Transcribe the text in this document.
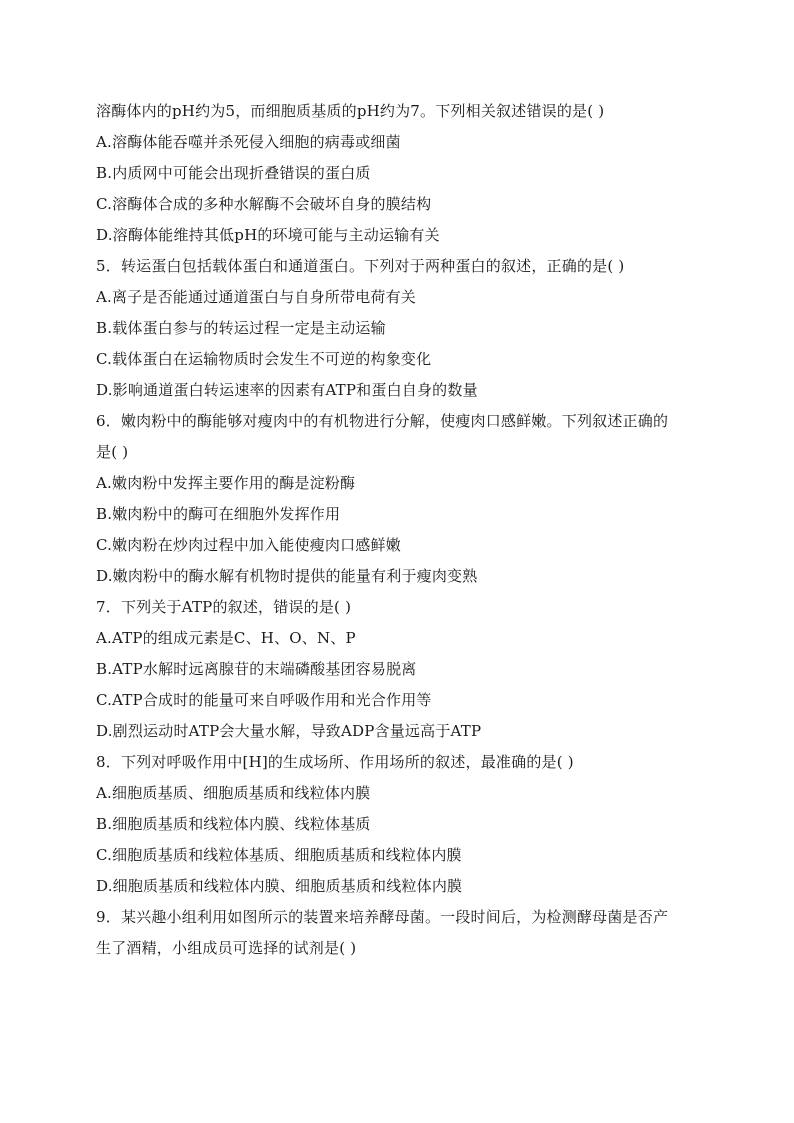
溶酶体内的pH约为5，而细胞质基质的pH约为7。下列相关叙述错误的是( )
A.溶酶体能吞噬并杀死侵入细胞的病毒或细菌
B.内质网中可能会出现折叠错误的蛋白质
C.溶酶体合成的多种水解酶不会破坏自身的膜结构
D.溶酶体能维持其低pH的环境可能与主动运输有关
5．转运蛋白包括载体蛋白和通道蛋白。下列对于两种蛋白的叙述，正确的是( )
A.离子是否能通过通道蛋白与自身所带电荷有关
B.载体蛋白参与的转运过程一定是主动运输
C.载体蛋白在运输物质时会发生不可逆的构象变化
D.影响通道蛋白转运速率的因素有ATP和蛋白自身的数量
6．嫩肉粉中的酶能够对瘦肉中的有机物进行分解，使瘦肉口感鲜嫩。下列叙述正确的
是( )
A.嫩肉粉中发挥主要作用的酶是淀粉酶
B.嫩肉粉中的酶可在细胞外发挥作用
C.嫩肉粉在炒肉过程中加入能使瘦肉口感鲜嫩
D.嫩肉粉中的酶水解有机物时提供的能量有利于瘦肉变熟
7．下列关于ATP的叙述，错误的是( )
A.ATP的组成元素是C、H、O、N、P
B.ATP水解时远离腺苷的末端磷酸基团容易脱离
C.ATP合成时的能量可来自呼吸作用和光合作用等
D.剧烈运动时ATP会大量水解，导致ADP含量远高于ATP
8．下列对呼吸作用中[H]的生成场所、作用场所的叙述，最准确的是( )
A.细胞质基质、细胞质基质和线粒体内膜
B.细胞质基质和线粒体内膜、线粒体基质
C.细胞质基质和线粒体基质、细胞质基质和线粒体内膜
D.细胞质基质和线粒体内膜、细胞质基质和线粒体内膜
9．某兴趣小组利用如图所示的装置来培养酵母菌。一段时间后，为检测酵母菌是否产
生了酒精，小组成员可选择的试剂是( )
